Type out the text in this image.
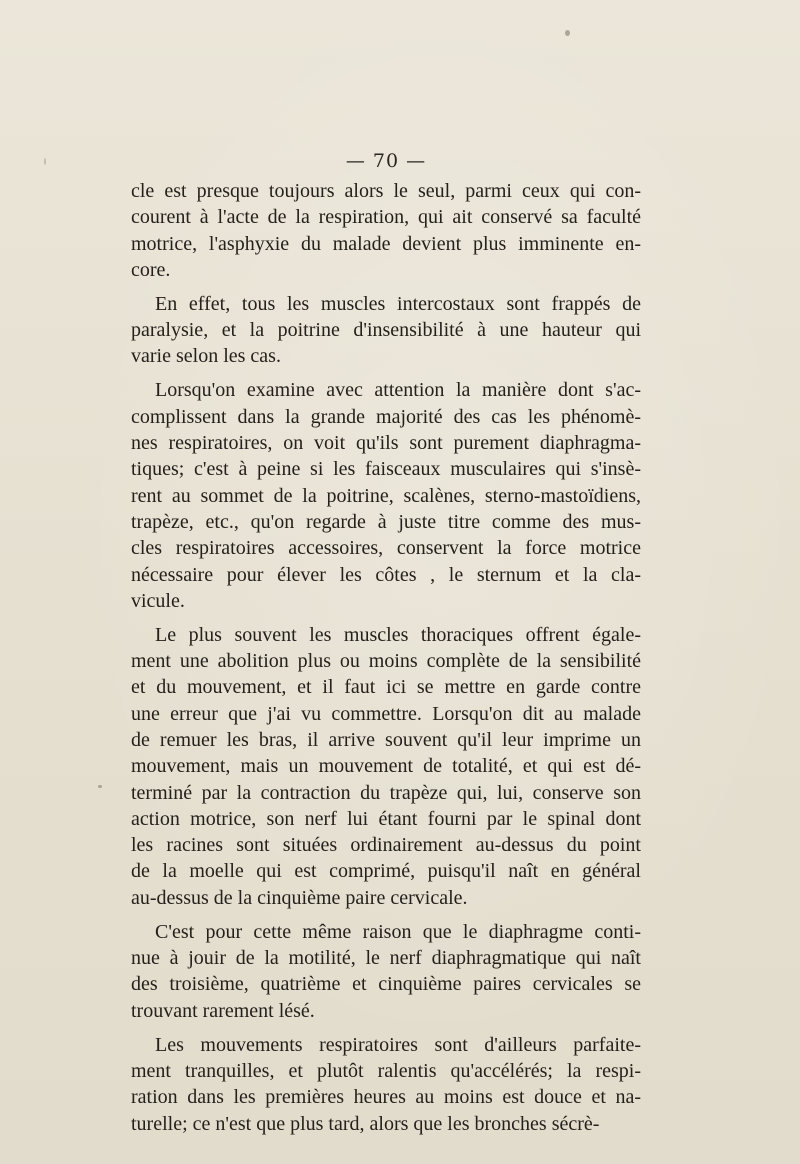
— 70 —
cle est presque toujours alors le seul, parmi ceux qui con-
courent à l'acte de la respiration, qui ait conservé sa faculté
motrice, l'asphyxie du malade devient plus imminente en-
core.
En effet, tous les muscles intercostaux sont frappés de
paralysie, et la poitrine d'insensibilité à une hauteur qui
varie selon les cas.
Lorsqu'on examine avec attention la manière dont s'ac-
complissent dans la grande majorité des cas les phénomè-
nes respiratoires, on voit qu'ils sont purement diaphragma-
tiques; c'est à peine si les faisceaux musculaires qui s'insè-
rent au sommet de la poitrine, scalènes, sterno-mastoïdiens,
trapèze, etc., qu'on regarde à juste titre comme des mus-
cles respiratoires accessoires, conservent la force motrice
nécessaire pour élever les côtes , le sternum et la cla-
vicule.
Le plus souvent les muscles thoraciques offrent égale-
ment une abolition plus ou moins complète de la sensibilité
et du mouvement, et il faut ici se mettre en garde contre
une erreur que j'ai vu commettre. Lorsqu'on dit au malade
de remuer les bras, il arrive souvent qu'il leur imprime un
mouvement, mais un mouvement de totalité, et qui est dé-
terminé par la contraction du trapèze qui, lui, conserve son
action motrice, son nerf lui étant fourni par le spinal dont
les racines sont situées ordinairement au-dessus du point
de la moelle qui est comprimé, puisqu'il naît en général
au-dessus de la cinquième paire cervicale.
C'est pour cette même raison que le diaphragme conti-
nue à jouir de la motilité, le nerf diaphragmatique qui naît
des troisième, quatrième et cinquième paires cervicales se
trouvant rarement lésé.
Les mouvements respiratoires sont d'ailleurs parfaite-
ment tranquilles, et plutôt ralentis qu'accélérés; la respi-
ration dans les premières heures au moins est douce et na-
turelle; ce n'est que plus tard, alors que les bronches sécrè-
